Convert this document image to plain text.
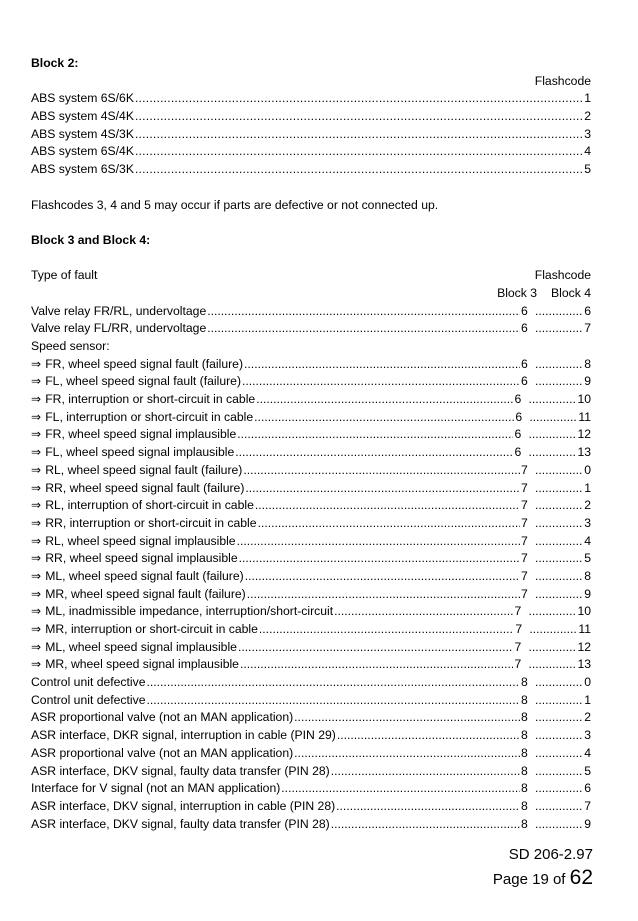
Block 2:
Flashcode
ABS system 6S/6K .....	1
ABS system 4S/4K .....	2
ABS system 4S/3K .....	3
ABS system 6S/4K .....	4
ABS system 6S/3K .....	5
Flashcodes 3, 4 and 5 may occur if parts are defective or not connected up.
Block 3 and Block 4:
Type of fault	Flashcode
Block 3 Block 4
Valve relay FR/RL, undervoltage .....	6 .....	6
Valve relay FL/RR, undervoltage .....	6 .....	7
Speed sensor:
⇒ FR, wheel speed signal fault (failure) .....	6 .....	8
⇒ FL, wheel speed signal fault (failure) .....	6 .....	9
⇒ FR, interruption or short-circuit in cable .....	6 .....	10
⇒ FL, interruption or short-circuit in cable .....	6 .....	11
⇒ FR, wheel speed signal implausible .....	6 .....	12
⇒ FL, wheel speed signal implausible .....	6 .....	13
⇒ RL, wheel speed signal fault (failure) .....	7 .....	0
⇒ RR, wheel speed signal fault (failure) .....	7 .....	1
⇒ RL, interruption of short-circuit in cable .....	7 .....	2
⇒ RR, interruption or short-circuit in cable .....	7 .....	3
⇒ RL, wheel speed signal implausible .....	7 .....	4
⇒ RR, wheel speed signal implausible .....	7 .....	5
⇒ ML, wheel speed signal fault (failure) .....	7 .....	8
⇒ MR, wheel speed signal fault (failure) .....	7 .....	9
⇒ ML, inadmissible impedance, interruption/short-circuit .....	7 .....	10
⇒ MR, interruption or short-circuit in cable .....	7 .....	11
⇒ ML, wheel speed signal implausible .....	7 .....	12
⇒ MR, wheel speed signal implausible .....	7 .....	13
Control unit defective .....	8 .....	0
Control unit defective .....	8 .....	1
ASR proportional valve (not an MAN application) .....	8 .....	2
ASR interface, DKR signal, interruption in cable (PIN 29) .....	8 .....	3
ASR proportional valve (not an MAN application) .....	8 .....	4
ASR interface, DKV signal, faulty data transfer (PIN 28) .....	8 .....	5
Interface for V signal (not an MAN application) .....	8 .....	6
ASR interface, DKV signal, interruption in cable (PIN 28) .....	8 .....	7
ASR interface, DKV signal, faulty data transfer (PIN 28) .....	8 .....	9
SD 206-2.97
Page 19 of 62
